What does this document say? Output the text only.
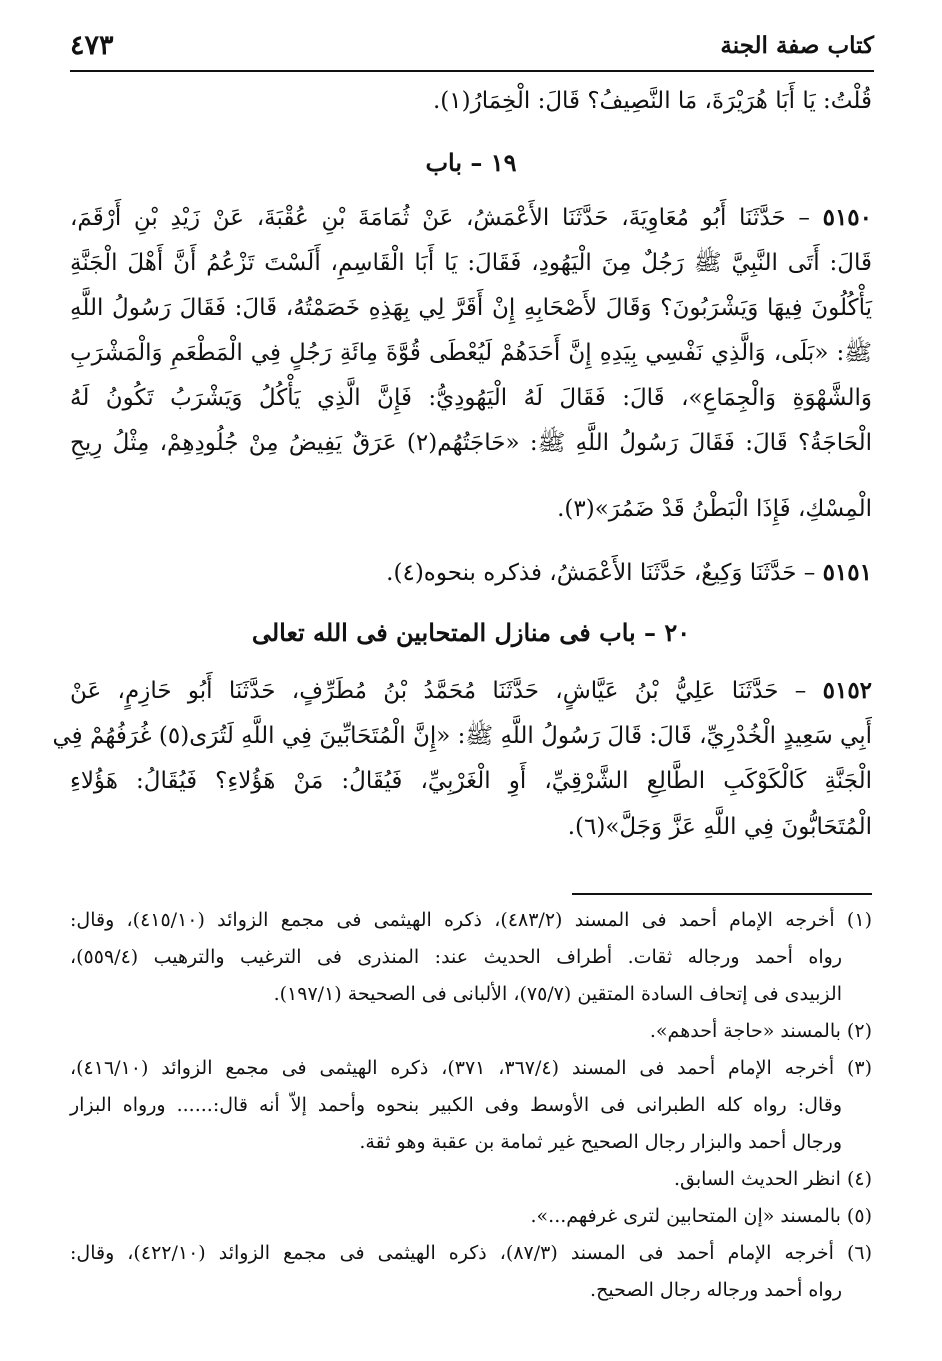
كتاب صفة الجنة
٤٧٣
قُلْتُ: يَا أَبَا هُرَيْرَةَ، مَا النَّصِيفُ؟ قَالَ: الْخِمَارُ(١).
١٩ – باب
٥١٥٠ – حَدَّثَنَا أَبُو مُعَاوِيَةَ، حَدَّثَنَا الأَعْمَشُ، عَنْ ثُمَامَةَ بْنِ عُقْبَةَ، عَنْ زَيْدِ بْنِ أَرْقَمَ،
قَالَ: أَتَى النَّبِيَّ ﷺ رَجُلٌ مِنَ الْيَهُودِ، فَقَالَ: يَا أَبَا الْقَاسِمِ، أَلَسْتَ تَزْعُمُ أَنَّ أَهْلَ الْجَنَّةِ
يَأْكُلُونَ فِيهَا وَيَشْرَبُونَ؟ وَقَالَ لأَصْحَابِهِ إِنْ أَقَرَّ لِي بِهَذِهِ خَصَمْتُهُ، قَالَ: فَقَالَ رَسُولُ اللَّهِ
ﷺ: «بَلَى، وَالَّذِي نَفْسِي بِيَدِهِ إِنَّ أَحَدَهُمْ لَيُعْطَى قُوَّةَ مِائَةِ رَجُلٍ فِي الْمَطْعَمِ وَالْمَشْرَبِ
وَالشَّهْوَةِ وَالْجِمَاعِ»، قَالَ: فَقَالَ لَهُ الْيَهُودِيُّ: فَإِنَّ الَّذِي يَأْكُلُ وَيَشْرَبُ تَكُونُ لَهُ
الْحَاجَةُ؟ قَالَ: فَقَالَ رَسُولُ اللَّهِ ﷺ: «حَاجَتُهُم(٢) عَرَقٌ يَفِيضُ مِنْ جُلُودِهِمْ، مِثْلُ رِيحِ
الْمِسْكِ، فَإِذَا الْبَطْنُ قَدْ ضَمُرَ»(٣).
٥١٥١ – حَدَّثَنَا وَكِيعٌ، حَدَّثَنَا الأَعْمَشُ، فذكره بنحوه(٤).
٢٠ – باب فى منازل المتحابين فى الله تعالى
٥١٥٢ – حَدَّثَنَا عَلِيُّ بْنُ عَيَّاشٍ، حَدَّثَنَا مُحَمَّدُ بْنُ مُطَرِّفٍ، حَدَّثَنَا أَبُو حَازِمٍ، عَنْ
أَبِي سَعِيدٍ الْخُدْرِيِّ، قَالَ: قَالَ رَسُولُ اللَّهِ ﷺ: «إِنَّ الْمُتَحَابِّينَ فِي اللَّهِ لَتُرَى(٥) غُرَفُهُمْ فِي
الْجَنَّةِ كَالْكَوْكَبِ الطَّالِعِ الشَّرْقِيِّ، أَوِ الْغَرْبِيِّ، فَيُقَالُ: مَنْ هَؤُلاءِ؟ فَيُقَالُ: هَؤُلاءِ
الْمُتَحَابُّونَ فِي اللَّهِ عَزَّ وَجَلَّ»(٦).
(١) أخرجه الإمام أحمد فى المسند (٤٨٣/٢)، ذكره الهيثمى فى مجمع الزوائد (٤١٥/١٠)، وقال:
رواه أحمد ورجاله ثقات. أطراف الحديث عند: المنذرى فى الترغيب والترهيب (٥٥٩/٤)،
الزبيدى فى إتحاف السادة المتقين (٧٥/٧)، الألبانى فى الصحيحة (١٩٧/١).
(٢) بالمسند «حاجة أحدهم».
(٣) أخرجه الإمام أحمد فى المسند (٣٦٧/٤، ٣٧١)، ذكره الهيثمى فى مجمع الزوائد (٤١٦/١٠)،
وقال: رواه كله الطبرانى فى الأوسط وفى الكبير بنحوه وأحمد إلاّ أنه قال:...... ورواه البزار
ورجال أحمد والبزار رجال الصحيح غير ثمامة بن عقبة وهو ثقة.
(٤) انظر الحديث السابق.
(٥) بالمسند «إن المتحابين لترى غرفهم...».
(٦) أخرجه الإمام أحمد فى المسند (٨٧/٣)، ذكره الهيثمى فى مجمع الزوائد (٤٢٢/١٠)، وقال:
رواه أحمد ورجاله رجال الصحيح.
